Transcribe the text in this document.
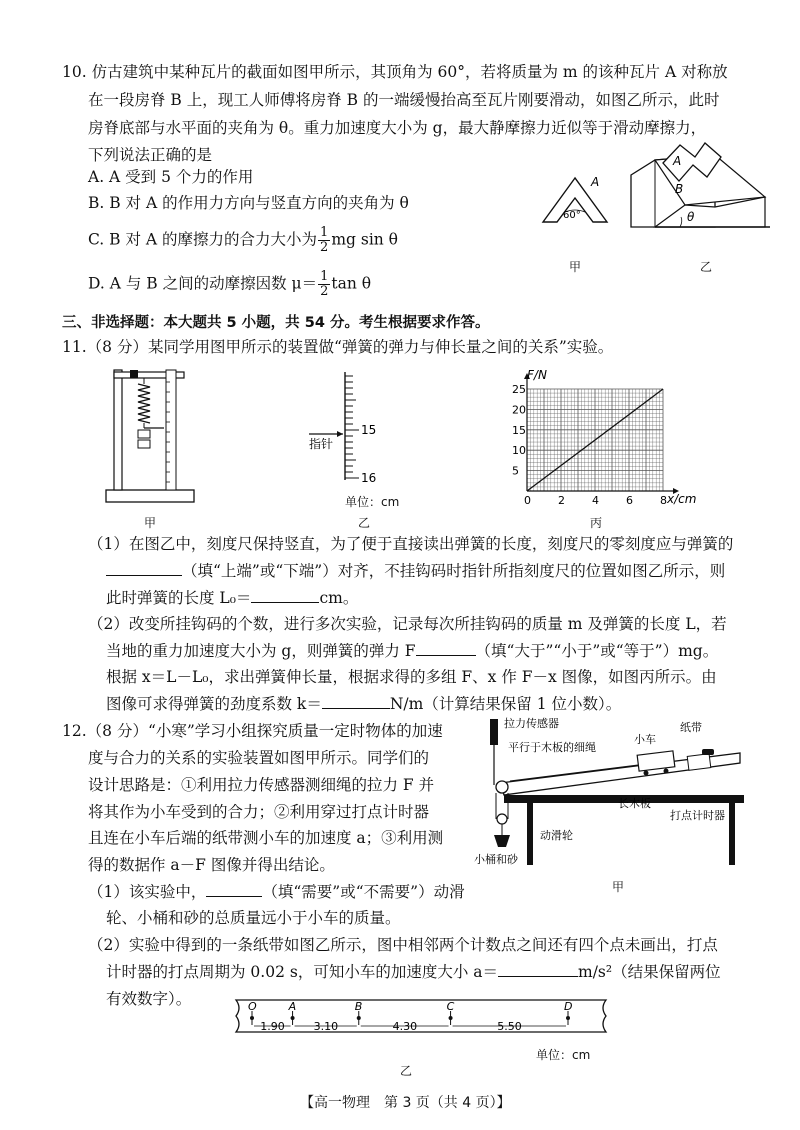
10. 仿古建筑中某种瓦片的截面如图甲所示，其顶角为 60°，若将质量为 m 的该种瓦片 A 对称放
在一段房脊 B 上，现工人师傅将房脊 B 的一端缓慢抬高至瓦片刚要滑动，如图乙所示，此时
房脊底部与水平面的夹角为 θ。重力加速度大小为 g，最大静摩擦力近似等于滑动摩擦力，
下列说法正确的是
A. A 受到 5 个力的作用
B. B 对 A 的作用力方向与竖直方向的夹角为 θ
C. B 对 A 的摩擦力的合力大小为 $\frac{1}{2}$ mg sin θ
D. A 与 B 之间的动摩擦因数 $\mu= \frac{1}{2}$ tan θ
A
60°
甲
A
B
θ
乙
三、非选择题：本大题共 5 小题，共 54 分。考生根据要求作答。
11.（8 分）某同学用图甲所示的装置做“弹簧的弹力与伸长量之间的关系”实验。
甲
15
16
指针
单位：cm
乙
0 2 4 6 8
5
10
15
20
25
F/N
x/cm
丙
（1）在图乙中，刻度尺保持竖直，为了便于直接读出弹簧的长度，刻度尺的零刻度应与弹簧的
（填“上端”或“下端”）对齐，不挂钩码时指针所指刻度尺的位置如图乙所示，则
此时弹簧的长度 L₀＝	cm。
（2）改变所挂钩码的个数，进行多次实验，记录每次所挂钩码的质量 m 及弹簧的长度 L，若
当地的重力加速度大小为 g，则弹簧的弹力 F	（填“大于”“小于”或“等于”）mg。
根据 x＝L－L₀，求出弹簧伸长量，根据求得的多组 F、x 作 F－x 图像，如图丙所示。由
图像可求得弹簧的劲度系数 k＝	N/m（计算结果保留 1 位小数）。
12.（8 分）“小寒”学习小组探究质量一定时物体的加速
度与合力的关系的实验装置如图甲所示。同学们的
设计思路是：①利用拉力传感器测细绳的拉力 F 并
将其作为小车受到的合力；②利用穿过打点计时器
且连在小车后端的纸带测小车的加速度 a；③利用测
得的数据作 a－F 图像并得出结论。
（1）该实验中，	（填“需要”或“不需要”）动滑
轮、小桶和砂的总质量远小于小车的质量。
（2）实验中得到的一条纸带如图乙所示，图中相邻两个计数点之间还有四个点未画出，打点
计时器的打点周期为 0.02 s，可知小车的加速度大小 a＝	m/s²（结果保留两位
有效数字）。
拉力传感器
平行于木板的细绳
小车
纸带
长木板
打点计时器
动滑轮
小桶和砂
甲
O	A	B	C	D
1.90	3.10	4.30	5.50
单位：cm
乙
【高一物理　第 3 页（共 4 页）】
